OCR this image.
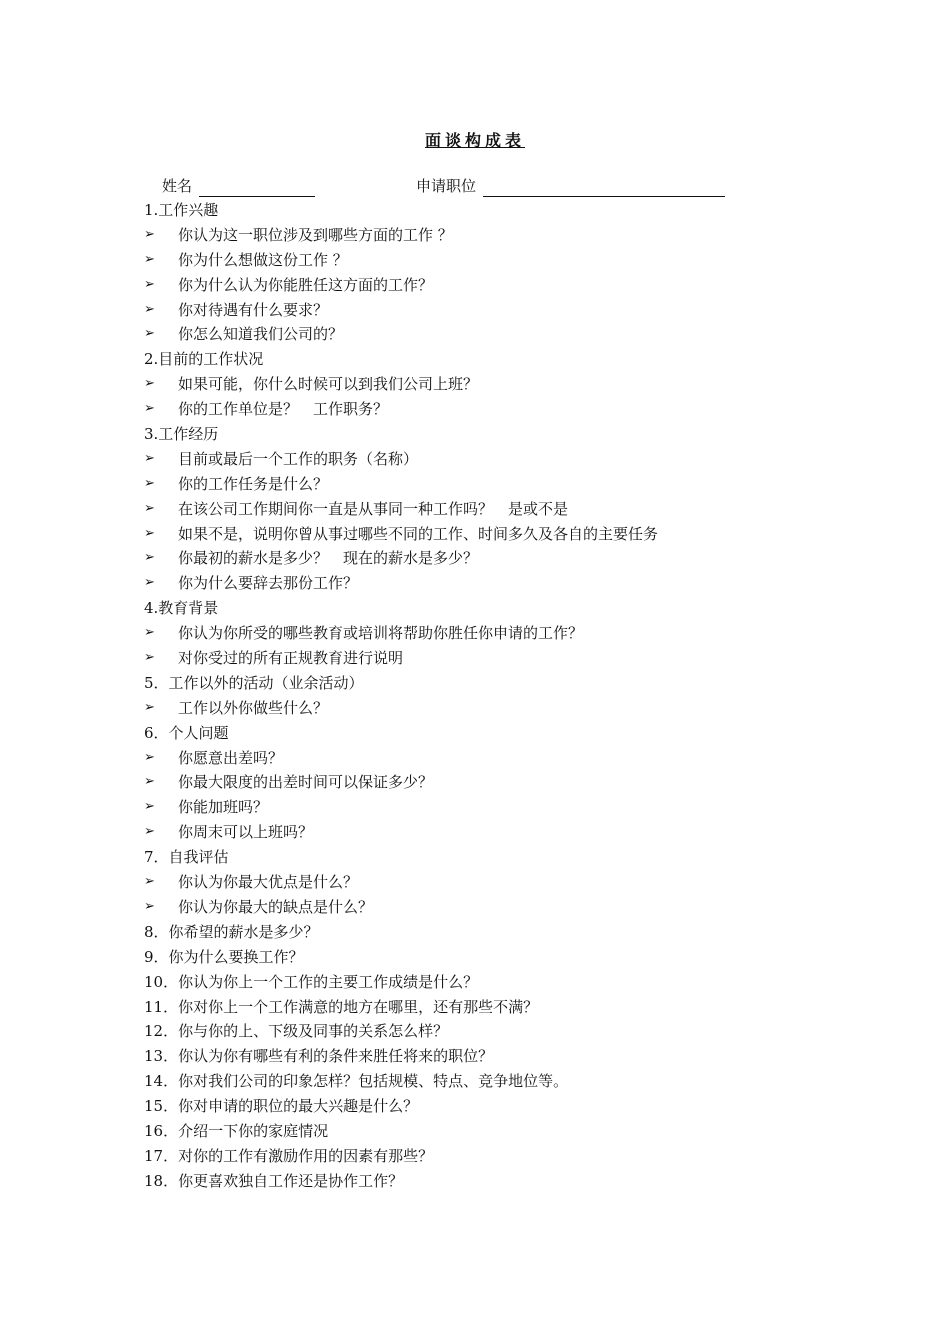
面谈构成表
姓名	申请职位
1.工作兴趣
➢	你认为这一职位涉及到哪些方面的工作 ？
➢	你为什么想做这份工作 ？
➢	你为什么认为你能胜任这方面的工作？
➢	你对待遇有什么要求？
➢	你怎么知道我们公司的？
2.目前的工作状况
➢	如果可能，你什么时候可以到我们公司上班？
➢	你的工作单位是？　工作职务？
3.工作经历
➢	目前或最后一个工作的职务（名称）
➢	你的工作任务是什么？
➢	在该公司工作期间你一直是从事同一种工作吗？　是或不是
➢	如果不是，说明你曾从事过哪些不同的工作、时间多久及各自的主要任务
➢	你最初的薪水是多少？　现在的薪水是多少？
➢	你为什么要辞去那份工作？
4.教育背景
➢	你认为你所受的哪些教育或培训将帮助你胜任你申请的工作？
➢	对你受过的所有正规教育进行说明
5．工作以外的活动（业余活动）
➢	工作以外你做些什么？
6．个人问题
➢	你愿意出差吗？
➢	你最大限度的出差时间可以保证多少？
➢	你能加班吗？
➢	你周末可以上班吗？
7．自我评估
➢	你认为你最大优点是什么？
➢	你认为你最大的缺点是什么？
8．你希望的薪水是多少？
9．你为什么要换工作？
10．你认为你上一个工作的主要工作成绩是什么？
11．你对你上一个工作满意的地方在哪里，还有那些不满？
12．你与你的上、下级及同事的关系怎么样？
13．你认为你有哪些有利的条件来胜任将来的职位？
14．你对我们公司的印象怎样？包括规模、特点、竞争地位等。
15．你对申请的职位的最大兴趣是什么？
16．介绍一下你的家庭情况
17．对你的工作有激励作用的因素有那些？
18．你更喜欢独自工作还是协作工作？
